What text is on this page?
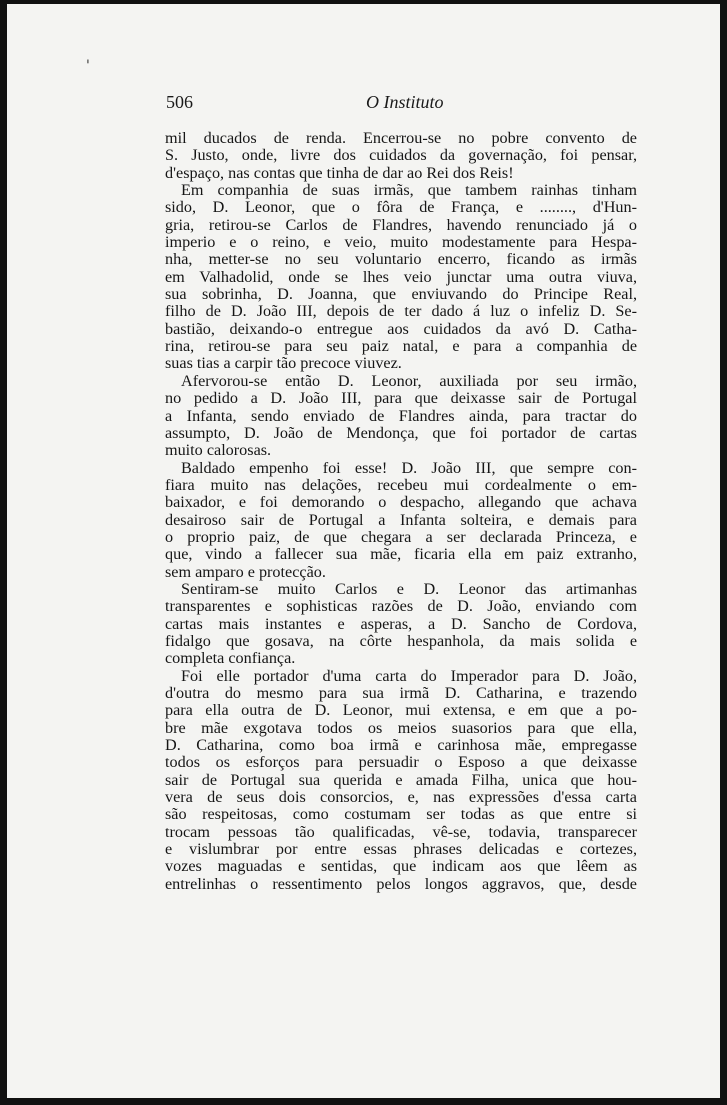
'
506	O Instituto
mil ducados de renda. Encerrou-se no pobre convento de
S. Justo, onde, livre dos cuidados da governação, foi pensar,
d'espaço, nas contas que tinha de dar ao Rei dos Reis!
Em companhia de suas irmãs, que tambem rainhas tinham
sido, D. Leonor, que o fôra de França, e ........, d'Hun-
gria, retirou-se Carlos de Flandres, havendo renunciado já o
imperio e o reino, e veio, muito modestamente para Hespa-
nha, metter-se no seu voluntario encerro, ficando as irmãs
em Valhadolid, onde se lhes veio junctar uma outra viuva,
sua sobrinha, D. Joanna, que enviuvando do Principe Real,
filho de D. João III, depois de ter dado á luz o infeliz D. Se-
bastião, deixando-o entregue aos cuidados da avó D. Catha-
rina, retirou-se para seu paiz natal, e para a companhia de
suas tias a carpir tão precoce viuvez.
Afervorou-se então D. Leonor, auxiliada por seu irmão,
no pedido a D. João III, para que deixasse sair de Portugal
a Infanta, sendo enviado de Flandres ainda, para tractar do
assumpto, D. João de Mendonça, que foi portador de cartas
muito calorosas.
Baldado empenho foi esse! D. João III, que sempre con-
fiara muito nas delações, recebeu mui cordealmente o em-
baixador, e foi demorando o despacho, allegando que achava
desairoso sair de Portugal a Infanta solteira, e demais para
o proprio paiz, de que chegara a ser declarada Princeza, e
que, vindo a fallecer sua mãe, ficaria ella em paiz extranho,
sem amparo e protecção.
Sentiram-se muito Carlos e D. Leonor das artimanhas
transparentes e sophisticas razões de D. João, enviando com
cartas mais instantes e asperas, a D. Sancho de Cordova,
fidalgo que gosava, na côrte hespanhola, da mais solida e
completa confiança.
Foi elle portador d'uma carta do Imperador para D. João,
d'outra do mesmo para sua irmã D. Catharina, e trazendo
para ella outra de D. Leonor, mui extensa, e em que a po-
bre mãe exgotava todos os meios suasorios para que ella,
D. Catharina, como boa irmã e carinhosa mãe, empregasse
todos os esforços para persuadir o Esposo a que deixasse
sair de Portugal sua querida e amada Filha, unica que hou-
vera de seus dois consorcios, e, nas expressões d'essa carta
são respeitosas, como costumam ser todas as que entre si
trocam pessoas tão qualificadas, vê-se, todavia, transparecer
e vislumbrar por entre essas phrases delicadas e cortezes,
vozes maguadas e sentidas, que indicam aos que lêem as
entrelinhas o ressentimento pelos longos aggravos, que, desde
